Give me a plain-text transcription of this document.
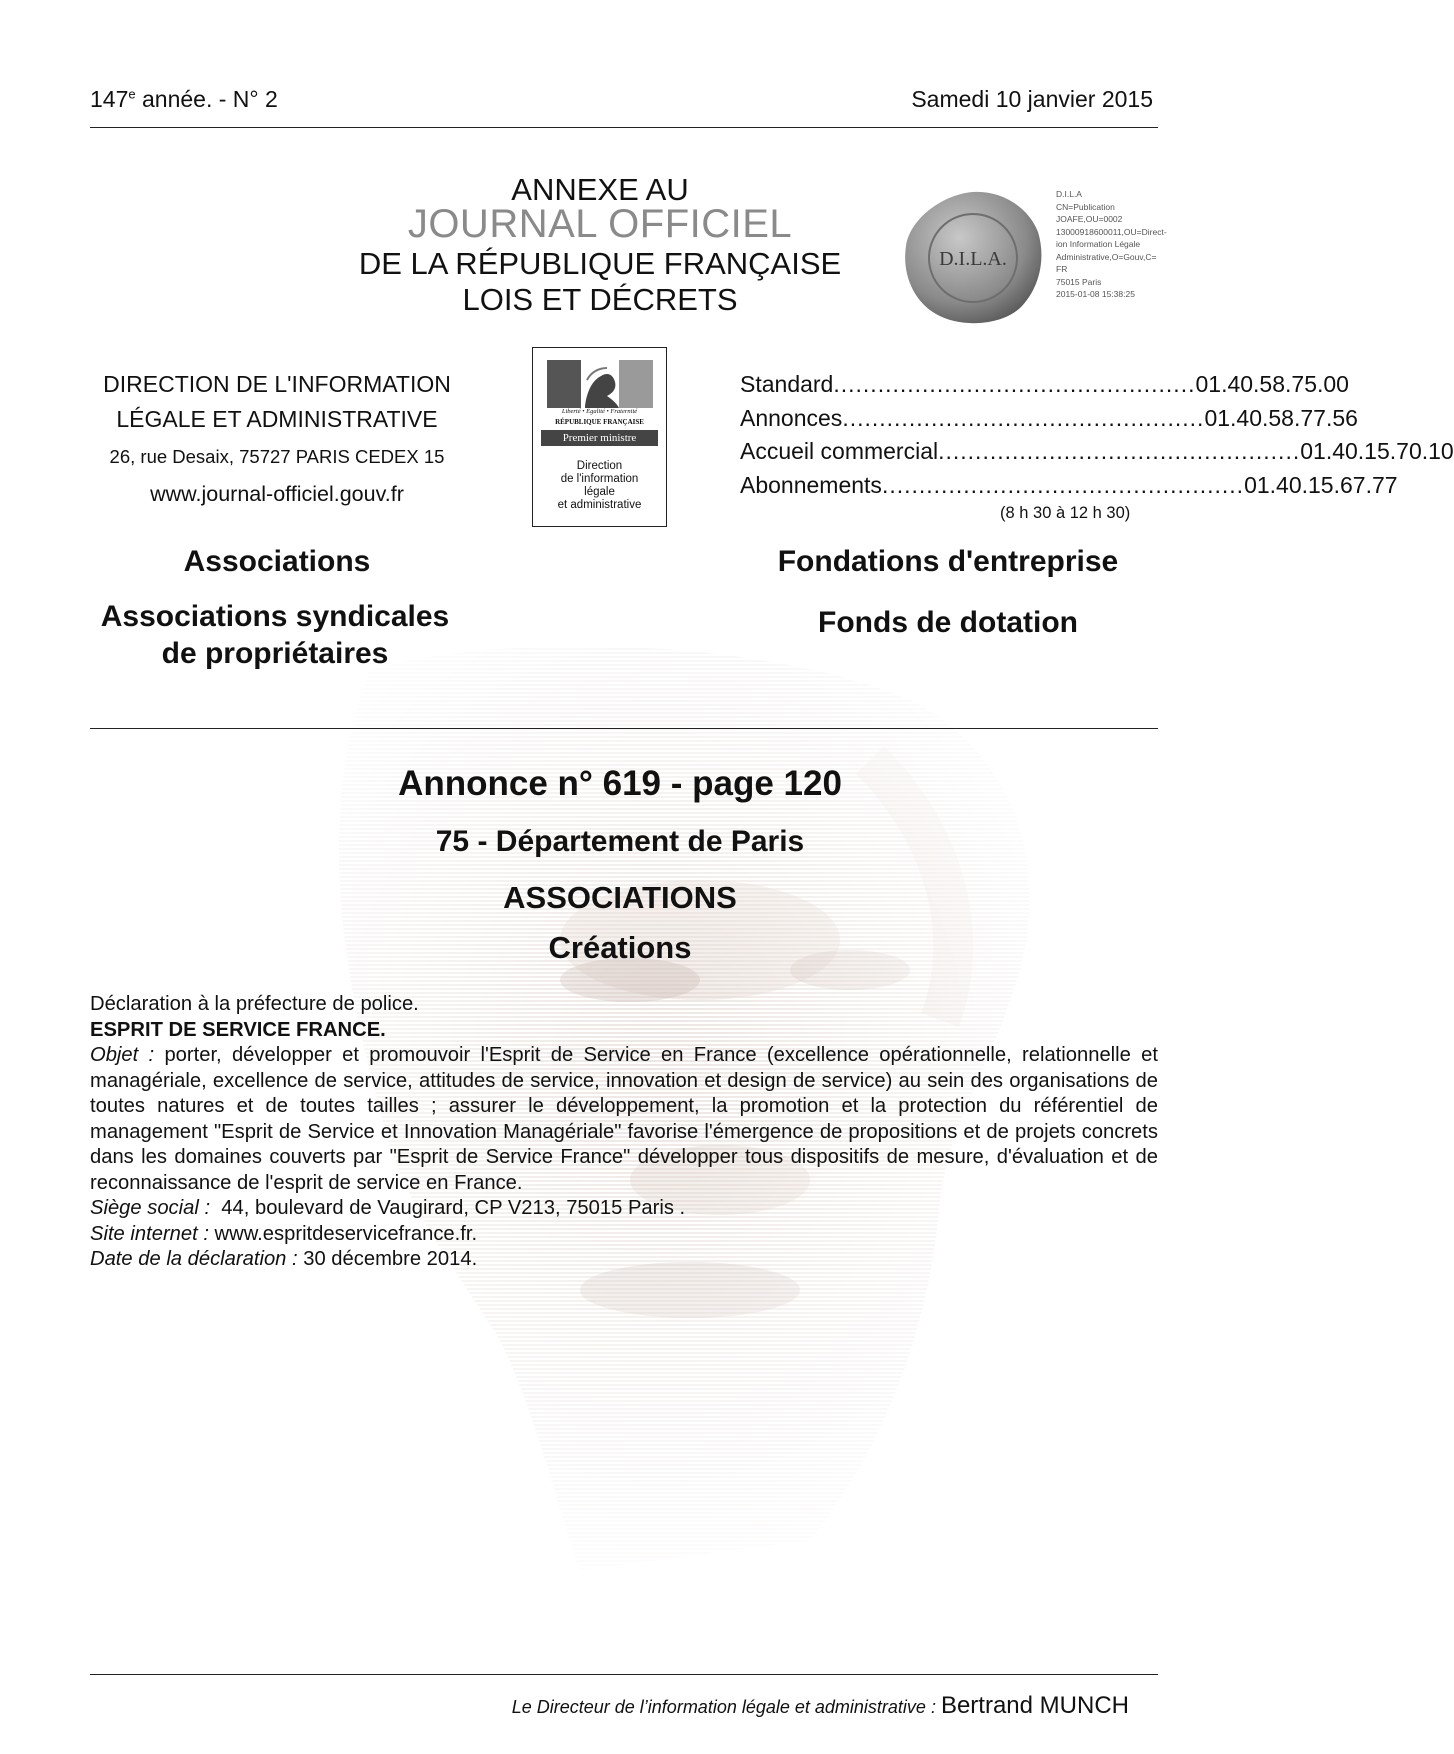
147e année. - N° 2	Samedi 10 janvier 2015
ANNEXE AU
JOURNAL OFFICIEL
DE LA RÉPUBLIQUE FRANÇAISE
LOIS ET DÉCRETS
D.I.L.A.
D.I.L.A
CN=Publication
JOAFE,OU=0002
13000918600011,OU=Direct-
ion Information Légale
Administrative,O=Gouv,C=
FR
75015 Paris
2015-01-08 15:38:25
DIRECTION DE L'INFORMATION
LÉGALE ET ADMINISTRATIVE
26, rue Desaix, 75727 PARIS CEDEX 15
www.journal-officiel.gouv.fr
Liberté • Égalité • Fraternité
RÉPUBLIQUE FRANÇAISE
Premier ministre
Direction
de l'information
légale
et administrative
Standard ................................................. 01.40.58.75.00
Annonces ................................................. 01.40.58.77.56
Accueil commercial ................................................. 01.40.15.70.10
Abonnements ................................................. 01.40.15.67.77
(8 h 30 à 12 h 30)
Associations
Associations syndicales
de propriétaires
Fondations d'entreprise
Fonds de dotation
Annonce n° 619 - page 120
75 - Département de Paris
ASSOCIATIONS
Créations

Déclaration à la préfecture de police.

ESPRIT DE SERVICE FRANCE.

Objet : porter, développer et promouvoir l'Esprit de Service en France (excellence opérationnelle, relationnelle et managériale, excellence de service, attitudes de service, innovation et design de service) au sein des organisations de toutes natures et de toutes tailles ; assurer le développement, la promotion et la protection du référentiel de management "Esprit de Service et Innovation Managériale" favorise l'émergence de propositions et de projets concrets dans les domaines couverts par "Esprit de Service France" développer tous dispositifs de mesure, d'évaluation et de reconnaissance de l'esprit de service en France.

Siège social :  44, boulevard de Vaugirard, CP V213, 75015 Paris .

Site internet : www.espritdeservicefrance.fr.

Date de la déclaration : 30 décembre 2014.

Le Directeur de l’information légale et administrative : Bertrand MUNCH
